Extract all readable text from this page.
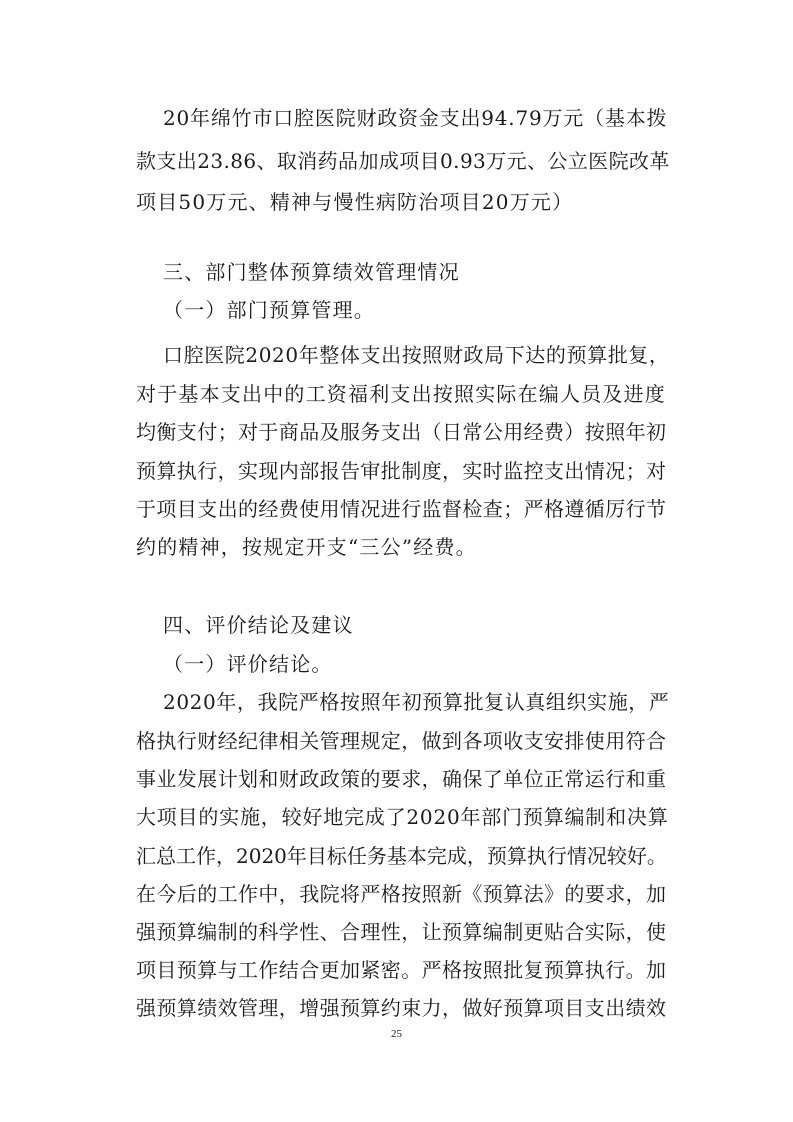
20年绵竹市口腔医院财政资金支出94.79万元（基本拨
款支出23.86、取消药品加成项目0.93万元、公立医院改革
项目50万元、精神与慢性病防治项目20万元）
三、部门整体预算绩效管理情况
（一）部门预算管理。
口腔医院2020年整体支出按照财政局下达的预算批复，
对于基本支出中的工资福利支出按照实际在编人员及进度
均衡支付；对于商品及服务支出（日常公用经费）按照年初
预算执行，实现内部报告审批制度，实时监控支出情况；对
于项目支出的经费使用情况进行监督检查；严格遵循厉行节
约的精神，按规定开支“三公”经费。
四、评价结论及建议
（一）评价结论。
2020年，我院严格按照年初预算批复认真组织实施，严
格执行财经纪律相关管理规定，做到各项收支安排使用符合
事业发展计划和财政政策的要求，确保了单位正常运行和重
大项目的实施，较好地完成了2020年部门预算编制和决算
汇总工作，2020年目标任务基本完成，预算执行情况较好。
在今后的工作中，我院将严格按照新《预算法》的要求，加
强预算编制的科学性、合理性，让预算编制更贴合实际，使
项目预算与工作结合更加紧密。严格按照批复预算执行。加
强预算绩效管理，增强预算约束力，做好预算项目支出绩效
25
